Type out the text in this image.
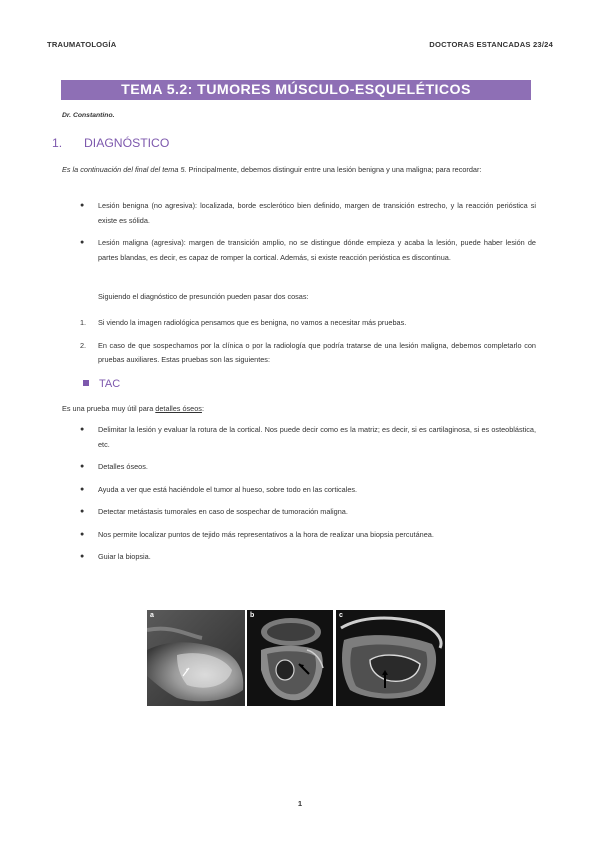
TRAUMATOLOGÍA	DOCTORAS ESTANCADAS 23/24
TEMA 5.2: TUMORES MÚSCULO-ESQUELÉTICOS
Dr. Constantino.
1. DIAGNÓSTICO
Es la continuación del final del tema 5. Principalmente, debemos distinguir entre una lesión benigna y una maligna; para recordar:
● Lesión benigna (no agresiva): localizada, borde esclerótico bien definido, margen de transición estrecho, y la reacción perióstica si existe es sólida.
● Lesión maligna (agresiva): margen de transición amplio, no se distingue dónde empieza y acaba la lesión, puede haber lesión de partes blandas, es decir, es capaz de romper la cortical. Además, si existe reacción perióstica es discontinua.
Siguiendo el diagnóstico de presunción pueden pasar dos cosas:
1. Si viendo la imagen radiológica pensamos que es benigna, no vamos a necesitar más pruebas.
2. En caso de que sospechamos por la clínica o por la radiología que podría tratarse de una lesión maligna, debemos completarlo con pruebas auxiliares. Estas pruebas son las siguientes:
TAC
Es una prueba muy útil para detalles óseos:
● Delimitar la lesión y evaluar la rotura de la cortical. Nos puede decir como es la matriz; es decir, si es cartilaginosa, si es osteoblástica, etc.
● Detalles óseos.
● Ayuda a ver que está haciéndole el tumor al hueso, sobre todo en las corticales.
● Detectar metástasis tumorales en caso de sospechar de tumoración maligna.
● Nos permite localizar puntos de tejido más representativos a la hora de realizar una biopsia percutánea.
● Guiar la biopsia.
a	b	c
1
